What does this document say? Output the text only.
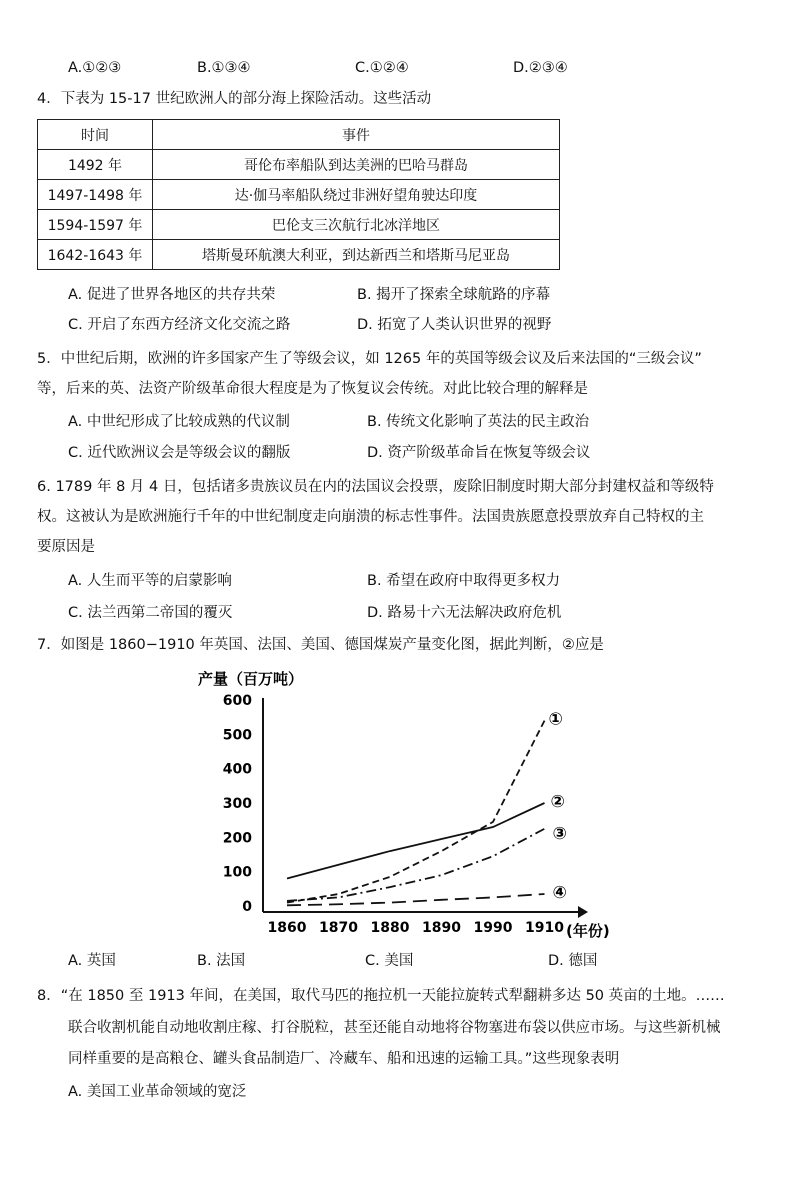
A.①②③	B.①③④	C.①②④	D.②③④
4．下表为 15-17 世纪欧洲人的部分海上探险活动。这些活动
时间	事件
1492 年	哥伦布率船队到达美洲的巴哈马群岛
1497-1498 年	达·伽马率船队绕过非洲好望角驶达印度
1594-1597 年	巴伦支三次航行北冰洋地区
1642-1643 年	塔斯曼环航澳大利亚，到达新西兰和塔斯马尼亚岛
A. 促进了世界各地区的共存共荣	B. 揭开了探索全球航路的序幕
C. 开启了东西方经济文化交流之路	D. 拓宽了人类认识世界的视野
5．中世纪后期，欧洲的许多国家产生了等级会议，如 1265 年的英国等级会议及后来法国的“三级会议”
等，后来的英、法资产阶级革命很大程度是为了恢复议会传统。对此比较合理的解释是
A. 中世纪形成了比较成熟的代议制	B. 传统文化影响了英法的民主政治
C. 近代欧洲议会是等级会议的翻版	D. 资产阶级革命旨在恢复等级会议
6. 1789 年 8 月 4 日，包括诸多贵族议员在内的法国议会投票，废除旧制度时期大部分封建权益和等级特
权。这被认为是欧洲施行千年的中世纪制度走向崩溃的标志性事件。法国贵族愿意投票放弃自己特权的主
要原因是
A. 人生而平等的启蒙影响	B. 希望在政府中取得更多权力
C. 法兰西第二帝国的覆灭	D. 路易十六无法解决政府危机
7．如图是 1860−1910 年英国、法国、美国、德国煤炭产量变化图，据此判断，②应是
产量（百万吨）
0
100
200
300
400
500
600
1860 1870 1880 1890 1990 1910 (年份)
①
②
③
④
A. 英国	B. 法国	C. 美国	D. 德国
8．“在 1850 至 1913 年间，在美国，取代马匹的拖拉机一天能拉旋转式犁翻耕多达 50 英亩的土地。……
联合收割机能自动地收割庄稼、打谷脱粒，甚至还能自动地将谷物塞进布袋以供应市场。与这些新机械
同样重要的是高粮仓、罐头食品制造厂、冷藏车、船和迅速的运输工具。”这些现象表明
A. 美国工业革命领域的宽泛
